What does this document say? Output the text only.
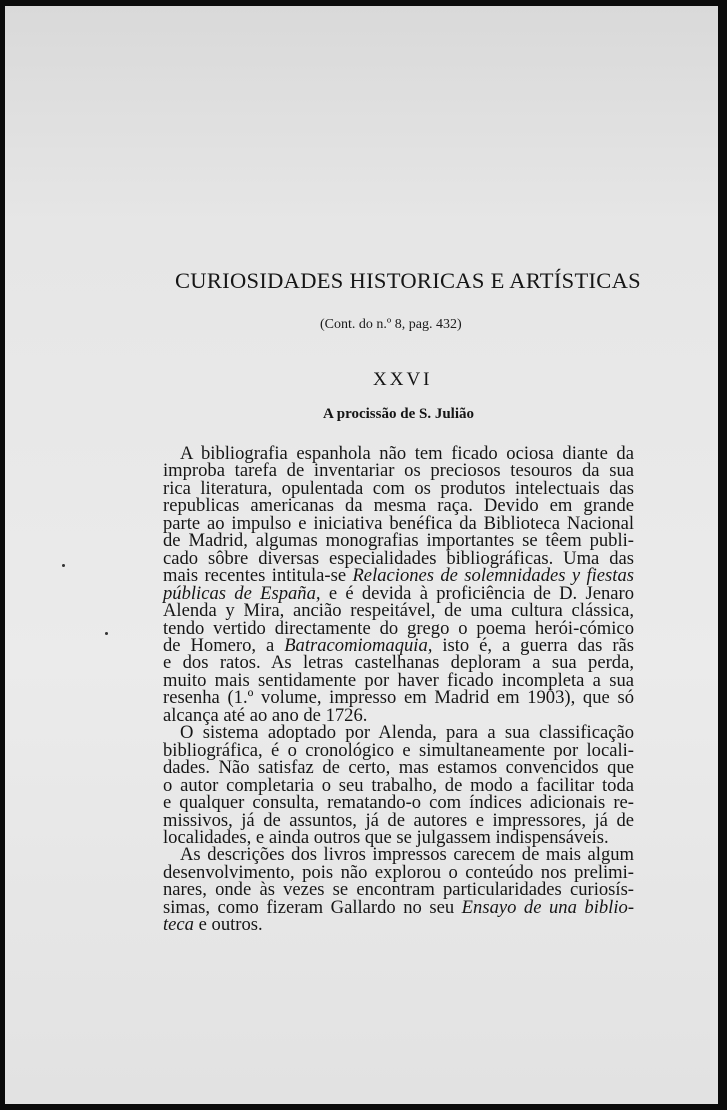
CURIOSIDADES HISTORICAS E ARTÍSTICAS
(Cont. do n.º 8, pag. 432)
XXVI
A procissão de S. Julião
A bibliografia espanhola não tem ficado ociosa diante da
improba tarefa de inventariar os preciosos tesouros da sua
rica literatura, opulentada com os produtos intelectuais das
republicas americanas da mesma raça. Devido em grande
parte ao impulso e iniciativa benéfica da Biblioteca Nacional
de Madrid, algumas monografias importantes se têem publi-
cado sôbre diversas especialidades bibliográficas. Uma das
mais recentes intitula-se Relaciones de solemnidades y fiestas
públicas de España, e é devida à proficiência de D. Jenaro
Alenda y Mira, ancião respeitável, de uma cultura clássica,
tendo vertido directamente do grego o poema herói-cómico
de Homero, a Batracomiomaquia, isto é, a guerra das rãs
e dos ratos. As letras castelhanas deploram a sua perda,
muito mais sentidamente por haver ficado incompleta a sua
resenha (1.º volume, impresso em Madrid em 1903), que só
alcança até ao ano de 1726.
O sistema adoptado por Alenda, para a sua classificação
bibliográfica, é o cronológico e simultaneamente por locali-
dades. Não satisfaz de certo, mas estamos convencidos que
o autor completaria o seu trabalho, de modo a facilitar toda
e qualquer consulta, rematando-o com índices adicionais re-
missivos, já de assuntos, já de autores e impressores, já de
localidades, e ainda outros que se julgassem indispensáveis.
As descrições dos livros impressos carecem de mais algum
desenvolvimento, pois não explorou o conteúdo nos prelimi-
nares, onde às vezes se encontram particularidades curiosís-
simas, como fizeram Gallardo no seu Ensayo de una biblio-
teca e outros.
